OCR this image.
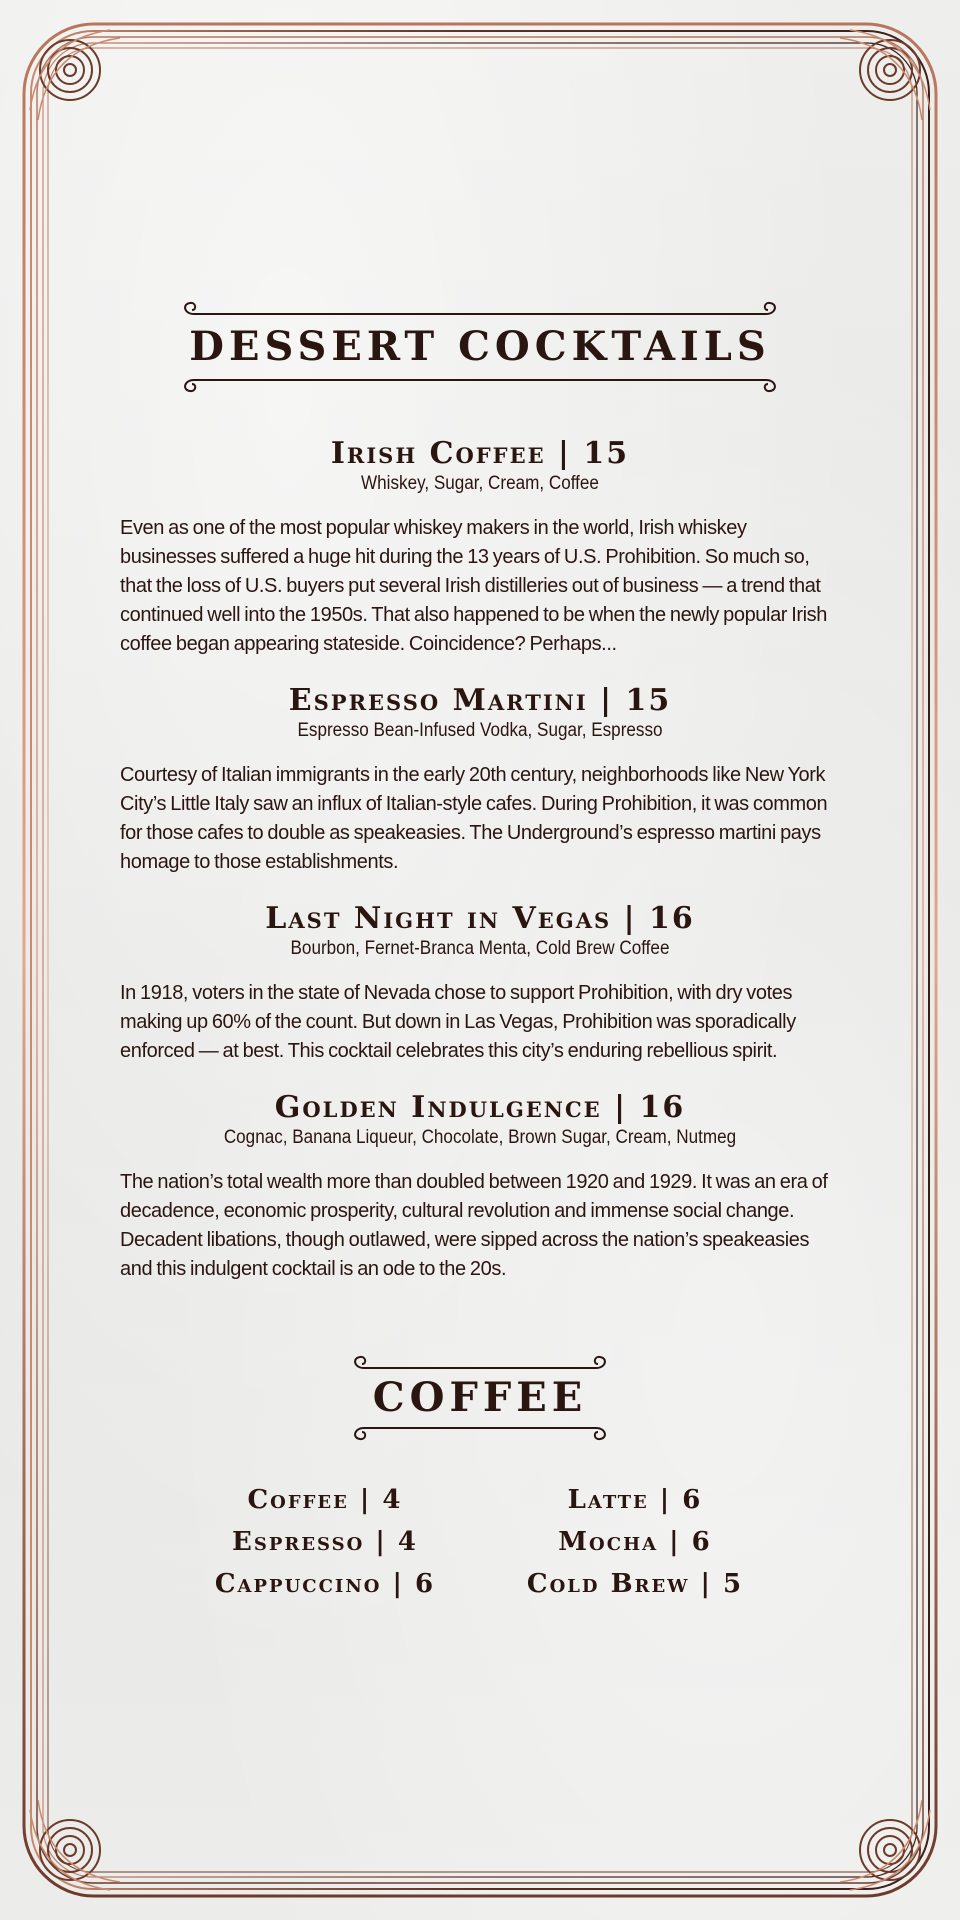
DESSERT COCKTAILS
Irish Coffee | 15
Whiskey, Sugar, Cream, Coffee
Even as one of the most popular whiskey makers in the world, Irish whiskey businesses suffered a huge hit during the 13 years of U.S. Prohibition. So much so, that the loss of U.S. buyers put several Irish distilleries out of business — a trend that continued well into the 1950s. That also happened to be when the newly popular Irish coffee began appearing stateside. Coincidence? Perhaps...
Espresso Martini | 15
Espresso Bean-Infused Vodka, Sugar, Espresso
Courtesy of Italian immigrants in the early 20th century, neighborhoods like New York City’s Little Italy saw an influx of Italian-style cafes. During Prohibition, it was common for those cafes to double as speakeasies. The Underground’s espresso martini pays homage to those establishments.
Last Night in Vegas | 16
Bourbon, Fernet-Branca Menta, Cold Brew Coffee
In 1918, voters in the state of Nevada chose to support Prohibition, with dry votes making up 60% of the count. But down in Las Vegas, Prohibition was sporadically enforced — at best. This cocktail celebrates this city’s enduring rebellious spirit.
Golden Indulgence | 16
Cognac, Banana Liqueur, Chocolate, Brown Sugar, Cream, Nutmeg
The nation’s total wealth more than doubled between 1920 and 1929. It was an era of decadence, economic prosperity, cultural revolution and immense social change. Decadent libations, though outlawed, were sipped across the nation’s speakeasies and this indulgent cocktail is an ode to the 20s.
COFFEE
Coffee | 4	Latte | 6
Espresso | 4	Mocha | 6
Cappuccino | 6	Cold Brew | 5
